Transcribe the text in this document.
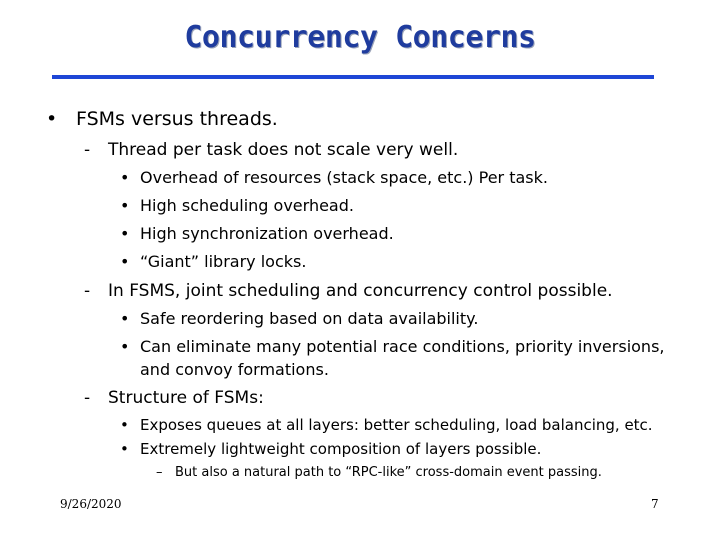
Concurrency Concerns
• FSMs versus threads.
- Thread per task does not scale very well.
• Overhead of resources (stack space, etc.) Per task.
• High scheduling overhead.
• High synchronization overhead.
• “Giant” library locks.
- In FSMS, joint scheduling and concurrency control possible.
• Safe reordering based on data availability.
• Can eliminate many potential race conditions, priority inversions,
and convoy formations.
- Structure of FSMs:
• Exposes queues at all layers: better scheduling, load balancing, etc.
• Extremely lightweight composition of layers possible.
– But also a natural path to “RPC-like” cross-domain event passing.
9/26/2020	7
